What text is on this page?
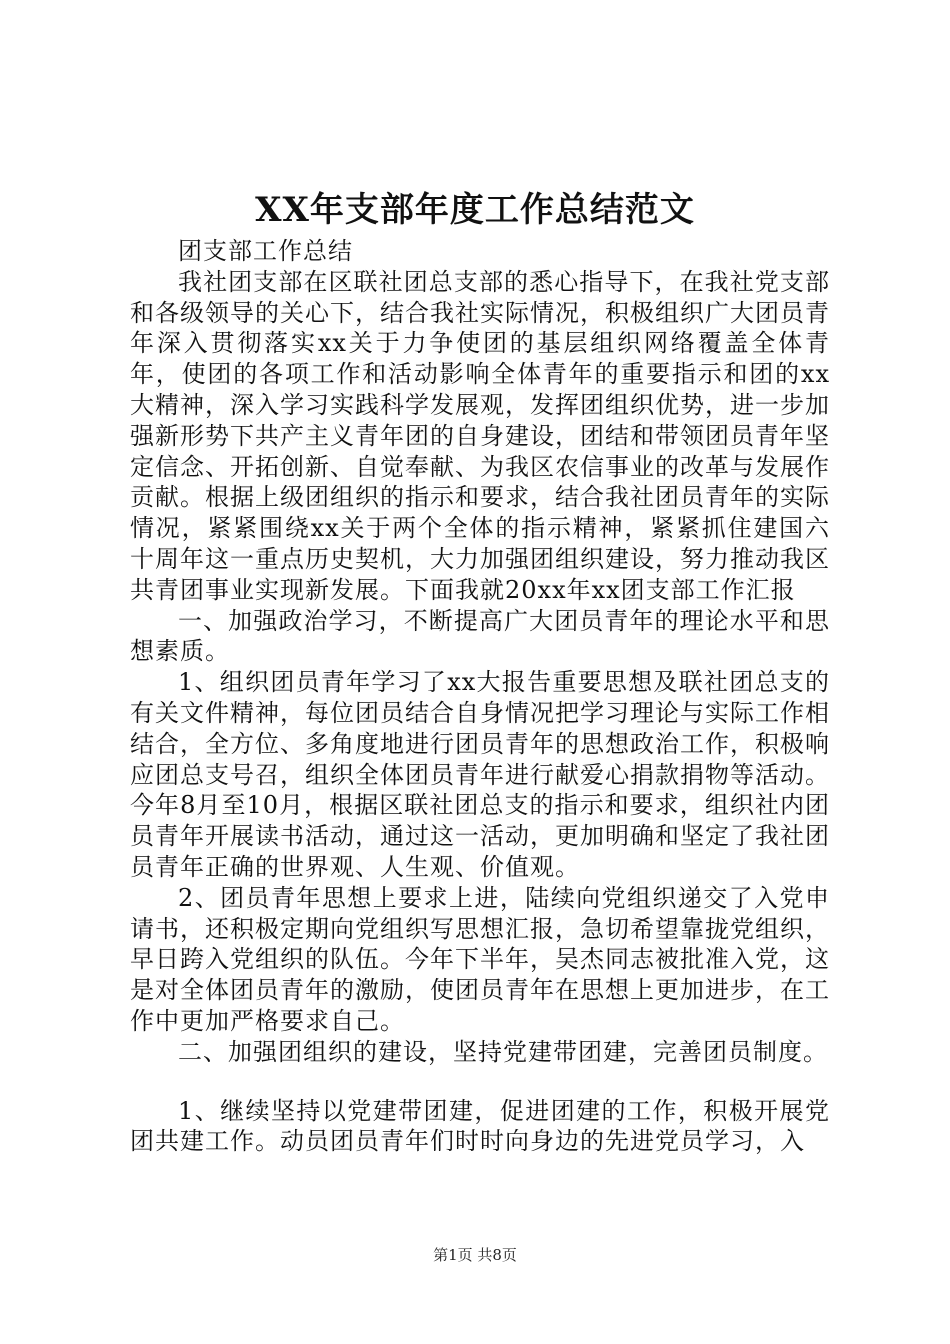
XX年支部年度工作总结范文

团支部工作总结

我社团支部在区联社团总支部的悉心指导下，在我社党支部和各级领导的关心下，结合我社实际情况，积极组织广大团员青年深入贯彻落实xx关于力争使团的基层组织网络覆盖全体青年，使团的各项工作和活动影响全体青年的重要指示和团的xx大精神，深入学习实践科学发展观，发挥团组织优势，进一步加强新形势下共产主义青年团的自身建设，团结和带领团员青年坚定信念、开拓创新、自觉奉献、为我区农信事业的改革与发展作贡献。根据上级团组织的指示和要求，结合我社团员青年的实际情况，紧紧围绕xx关于两个全体的指示精神，紧紧抓住建国六十周年这一重点历史契机，大力加强团组织建设，努力推动我区共青团事业实现新发展。下面我就20xx年xx团支部工作汇报

一、加强政治学习，不断提高广大团员青年的理论水平和思想素质。

1、组织团员青年学习了xx大报告重要思想及联社团总支的有关文件精神，每位团员结合自身情况把学习理论与实际工作相结合，全方位、多角度地进行团员青年的思想政治工作，积极响应团总支号召，组织全体团员青年进行献爱心捐款捐物等活动。今年8月至10月，根据区联社团总支的指示和要求，组织社内团员青年开展读书活动，通过这一活动，更加明确和坚定了我社团员青年正确的世界观、人生观、价值观。

2、团员青年思想上要求上进，陆续向党组织递交了入党申请书，还积极定期向党组织写思想汇报，急切希望靠拢党组织，早日跨入党组织的队伍。今年下半年，吴杰同志被批准入党，这是对全体团员青年的激励，使团员青年在思想上更加进步，在工作中更加严格要求自己。

二、加强团组织的建设，坚持党建带团建，完善团员制度。

1、继续坚持以党建带团建，促进团建的工作，积极开展党团共建工作。动员团员青年们时时向身边的先进党员学习，入

第1页 共8页
